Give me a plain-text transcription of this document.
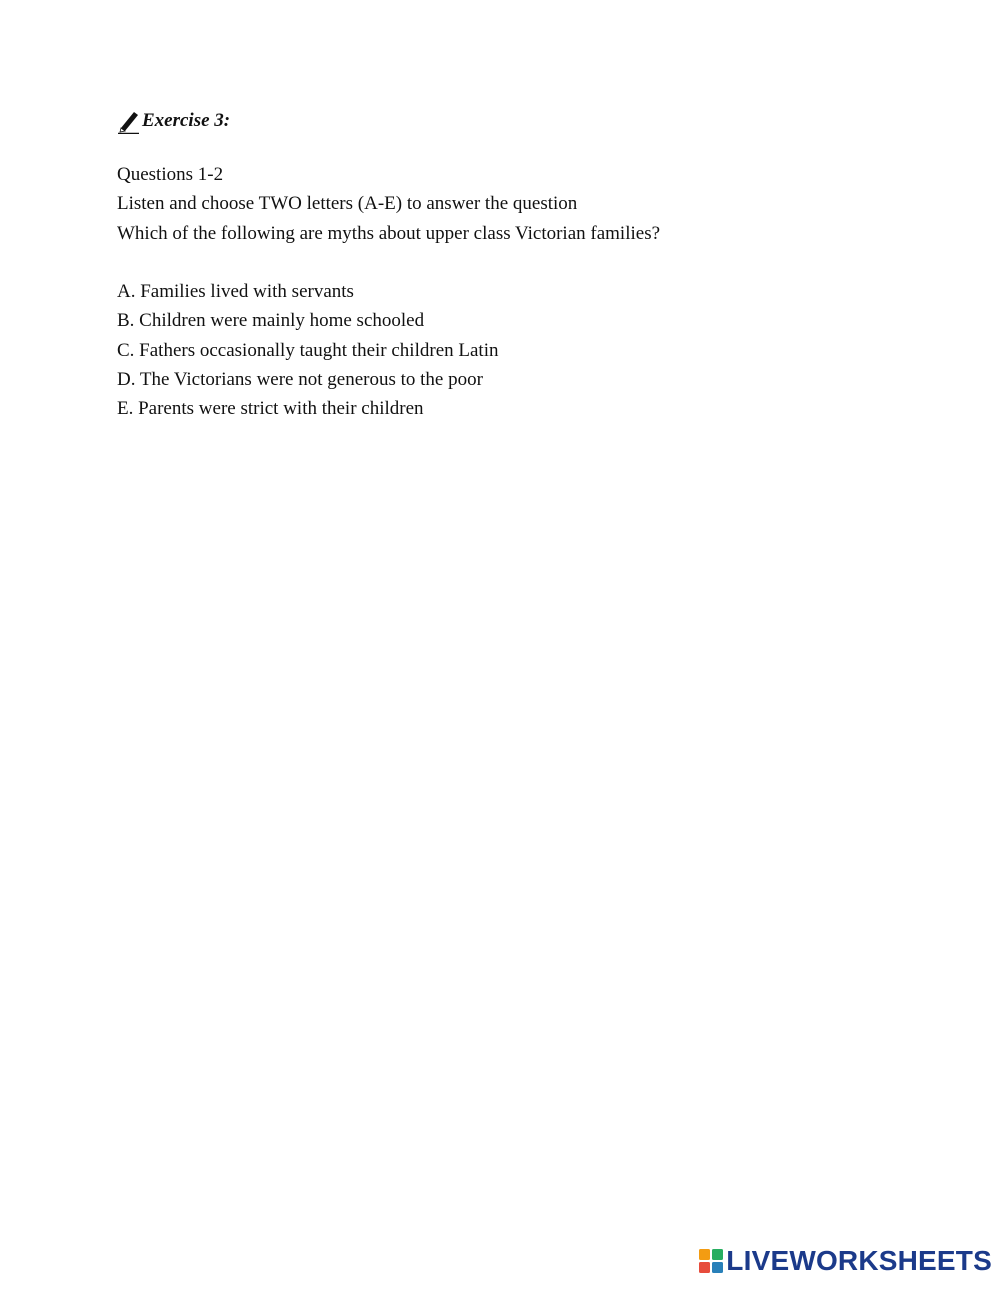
Exercise 3:
Questions 1-2
Listen and choose TWO letters (A-E) to answer the question
Which of the following are myths about upper class Victorian families?
A. Families lived with servants
B. Children were mainly home schooled
C. Fathers occasionally taught their children Latin
D. The Victorians were not generous to the poor
E. Parents were strict with their children
LIVEWORKSHEETS
